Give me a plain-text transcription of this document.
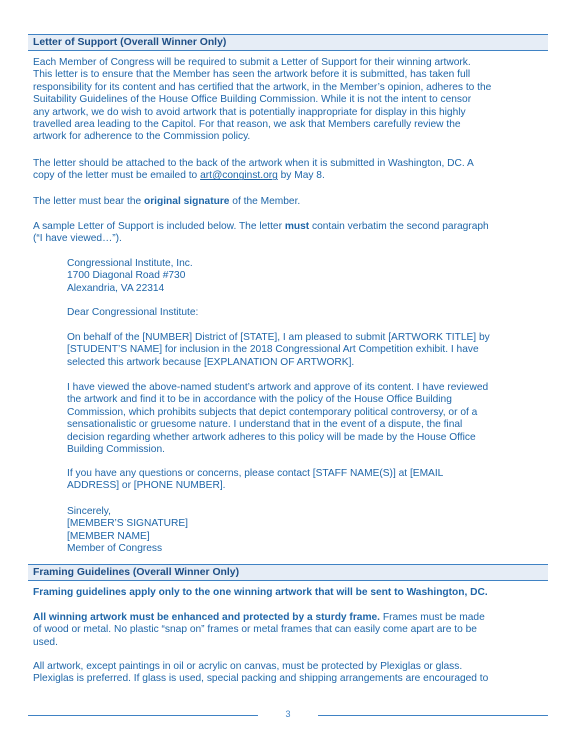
Letter of Support (Overall Winner Only)

Each Member of Congress will be required to submit a Letter of Support for their winning artwork.
This letter is to ensure that the Member has seen the artwork before it is submitted, has taken full
responsibility for its content and has certified that the artwork, in the Member’s opinion, adheres to the
Suitability Guidelines of the House Office Building Commission. While it is not the intent to censor
any artwork, we do wish to avoid artwork that is potentially inappropriate for display in this highly
travelled area leading to the Capitol. For that reason, we ask that Members carefully review the
artwork for adherence to the Commission policy.

The letter should be attached to the back of the artwork when it is submitted in Washington, DC. A
copy of the letter must be emailed to art@conginst.org by May 8.

The letter must bear the original signature of the Member.

A sample Letter of Support is included below. The letter must contain verbatim the second paragraph
(“I have viewed…”).

Congressional Institute, Inc.
1700 Diagonal Road #730
Alexandria, VA 22314

Dear Congressional Institute:

On behalf of the [NUMBER] District of [STATE], I am pleased to submit [ARTWORK TITLE] by
[STUDENT’S NAME] for inclusion in the 2018 Congressional Art Competition exhibit. I have
selected this artwork because [EXPLANATION OF ARTWORK].

I have viewed the above-named student’s artwork and approve of its content. I have reviewed
the artwork and find it to be in accordance with the policy of the House Office Building
Commission, which prohibits subjects that depict contemporary political controversy, or of a
sensationalistic or gruesome nature. I understand that in the event of a dispute, the final
decision regarding whether artwork adheres to this policy will be made by the House Office
Building Commission.

If you have any questions or concerns, please contact [STAFF NAME(S)] at [EMAIL
ADDRESS] or [PHONE NUMBER].

Sincerely,
[MEMBER’S SIGNATURE]
[MEMBER NAME]
Member of Congress

Framing Guidelines (Overall Winner Only)

Framing guidelines apply only to the one winning artwork that will be sent to Washington, DC.

All winning artwork must be enhanced and protected by a sturdy frame. Frames must be made
of wood or metal. No plastic “snap on” frames or metal frames that can easily come apart are to be
used.

All artwork, except paintings in oil or acrylic on canvas, must be protected by Plexiglas or glass.
Plexiglas is preferred. If glass is used, special packing and shipping arrangements are encouraged to

3
